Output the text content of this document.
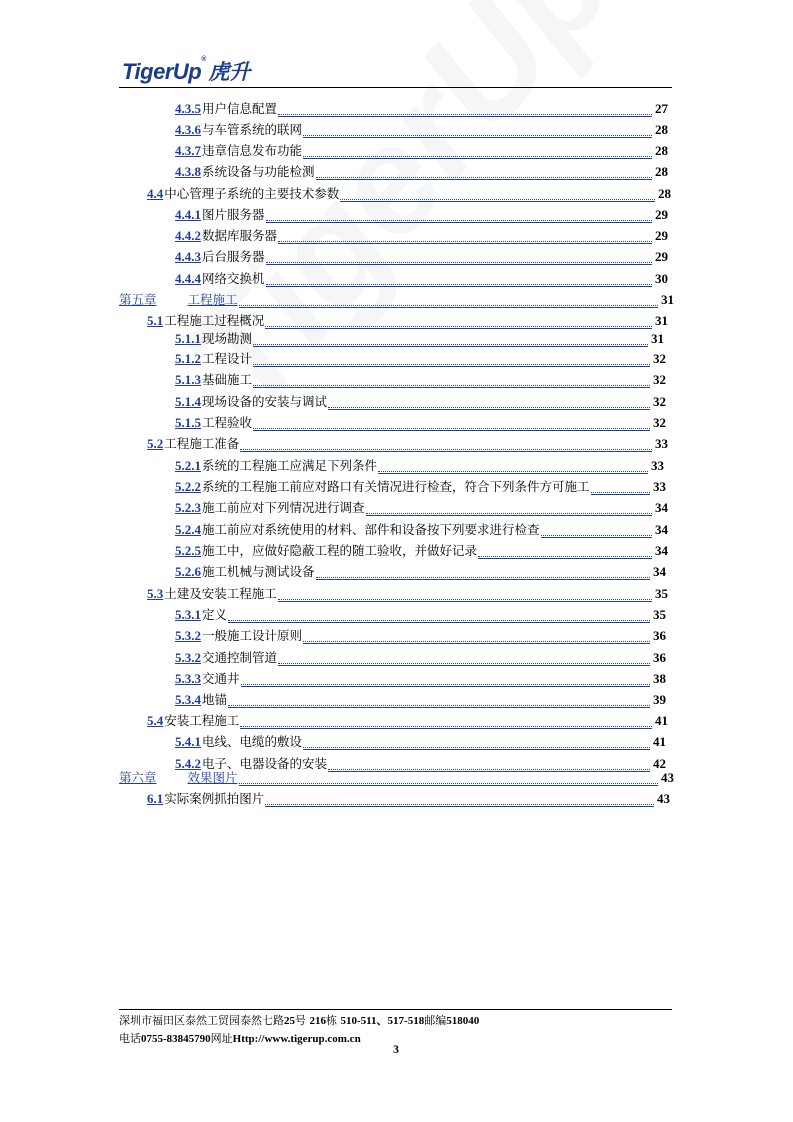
TigerUp®虎升
4.3.5 用户信息配置	27
4.3.6 与车管系统的联网	28
4.3.7 违章信息发布功能	28
4.3.8 系统设备与功能检测	28
4.4 中心管理子系统的主要技术参数	28
4.4.1 图片服务器	29
4.4.2 数据库服务器	29
4.4.3 后台服务器	29
4.4.4 网络交换机	30
第五章 工程施工	31
5.1 工程施工过程概况	31
5.1.1 现场勘测	31
5.1.2 工程设计	32
5.1.3 基础施工	32
5.1.4 现场设备的安装与调试	32
5.1.5 工程验收	32
5.2 工程施工准备	33
5.2.1 系统的工程施工应满足下列条件	33
5.2.2 系统的工程施工前应对路口有关情况进行检查，符合下列条件方可施工	33
5.2.3 施工前应对下列情况进行调查	34
5.2.4 施工前应对系统使用的材料、部件和设备按下列要求进行检查	34
5.2.5 施工中，应做好隐蔽工程的随工验收，并做好记录	34
5.2.6 施工机械与测试设备	34
5.3 土建及安装工程施工	35
5.3.1 定义	35
5.3.2 一般施工设计原则	36
5.3.2 交通控制管道	36
5.3.3 交通井	38
5.3.4 地锚	39
5.4 安装工程施工	41
5.4.1 电线、电缆的敷设	41
5.4.2 电子、电器设备的安装	42
第六章 效果图片	43
6.1 实际案例抓拍图片	43
深圳市福田区泰然工贸园泰然七路25号 216栋 510-511、517-518邮编518040
电话0755-83845790网址Http://www.tigerup.com.cn
3
